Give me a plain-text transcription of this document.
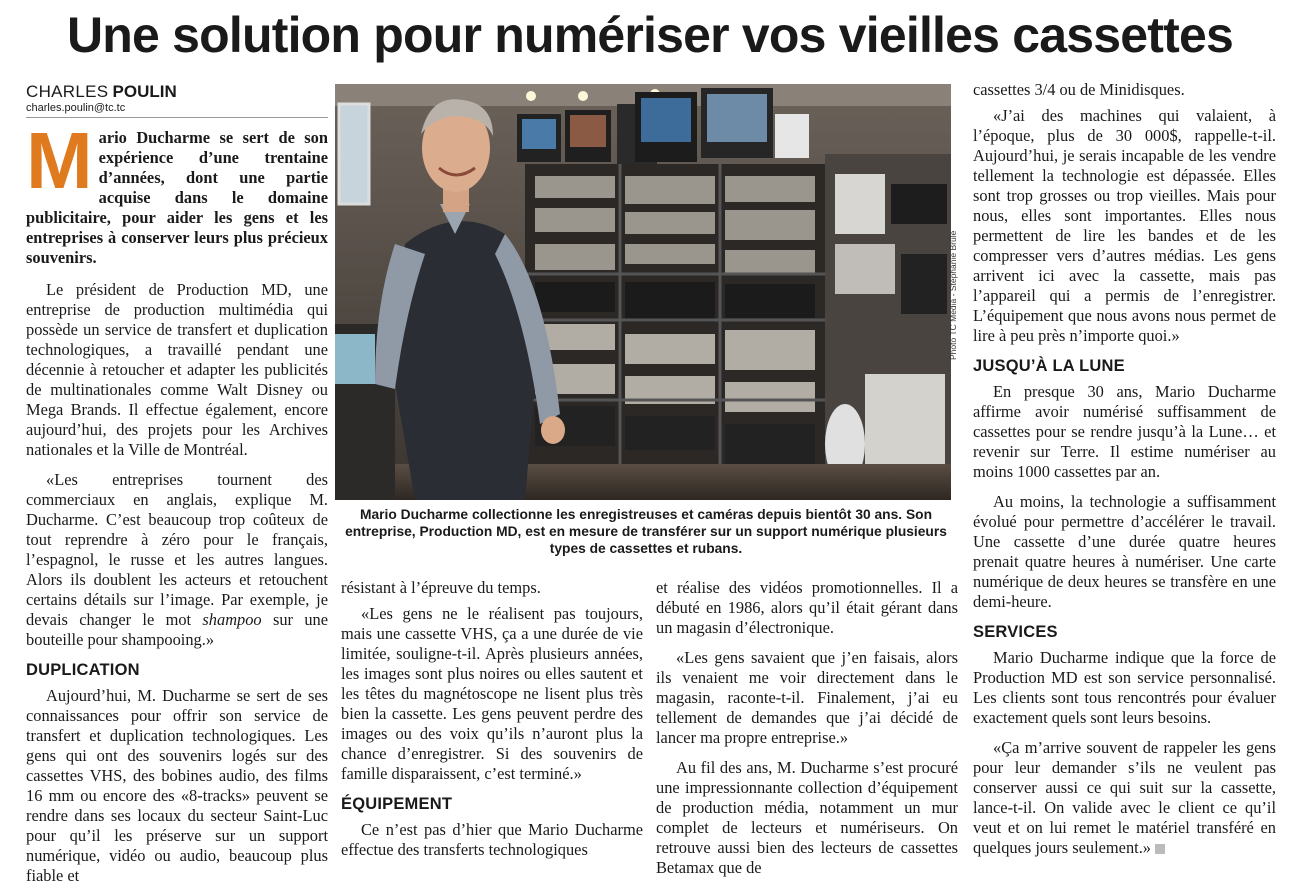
Une solution pour numériser vos vieilles cassettes
CHARLES POULIN
charles.poulin@tc.tc
Mario Ducharme se sert de son expérience d’une trentaine d’années, dont une partie acquise dans le domaine publicitaire, pour aider les gens et les entreprises à conserver leurs plus précieux souvenirs.

Le président de Production MD, une entreprise de production multimédia qui possède un service de transfert et duplication technologiques, a travaillé pendant une décennie à retoucher et adapter les publicités de multinationales comme Walt Disney ou Mega Brands. Il effectue également, encore aujourd’hui, des projets pour les Archives nationales et la Ville de Montréal.

«Les entreprises tournent des commerciaux en anglais, explique M. Ducharme. C’est beaucoup trop coûteux de tout reprendre à zéro pour le français, l’espagnol, le russe et les autres langues. Alors ils doublent les acteurs et retouchent certains détails sur l’image. Par exemple, je devais changer le mot shampoo sur une bouteille pour shampooing.»

DUPLICATION

Aujourd’hui, M. Ducharme se sert de ses connaissances pour offrir son service de transfert et duplication technologiques. Les gens qui ont des souvenirs logés sur des cassettes VHS, des bobines audio, des films 16 mm ou encore des «8-tracks» peuvent se rendre dans ses locaux du secteur Saint-Luc pour qu’il les préserve sur un support numérique, vidéo ou audio, beaucoup plus fiable et

Photo TC Media - Stéphanie Brûlé
Mario Ducharme collectionne les enregistreuses et caméras depuis bientôt 30 ans. Son entreprise, Production MD, est en mesure de transférer sur un support numérique plusieurs types de cassettes et rubans.

résistant à l’épreuve du temps.

«Les gens ne le réalisent pas toujours, mais une cassette VHS, ça a une durée de vie limitée, souligne-t-il. Après plusieurs années, les images sont plus noires ou elles sautent et les têtes du magnétoscope ne lisent plus très bien la cassette. Les gens peuvent perdre des images ou des voix qu’ils n’auront plus la chance d’enregistrer. Si des souvenirs de famille disparaissent, c’est terminé.»

ÉQUIPEMENT

Ce n’est pas d’hier que Mario Ducharme effectue des transferts technologiques

et réalise des vidéos promotionnelles. Il a débuté en 1986, alors qu’il était gérant dans un magasin d’électronique.

«Les gens savaient que j’en faisais, alors ils venaient me voir directement dans le magasin, raconte-t-il. Finalement, j’ai eu tellement de demandes que j’ai décidé de lancer ma propre entreprise.»

Au fil des ans, M. Ducharme s’est procuré une impressionnante collection d’équipement de production média, notamment un mur complet de lecteurs et numériseurs. On retrouve aussi bien des lecteurs de cassettes Betamax que de

cassettes 3/4 ou de Minidisques.

«J’ai des machines qui valaient, à l’époque, plus de 30 000$, rappelle-t-il. Aujourd’hui, je serais incapable de les vendre tellement la technologie est dépassée. Elles sont trop grosses ou trop vieilles. Mais pour nous, elles sont importantes. Elles nous permettent de lire les bandes et de les compresser vers d’autres médias. Les gens arrivent ici avec la cassette, mais pas l’appareil qui a permis de l’enregistrer. L’équipement que nous avons nous permet de lire à peu près n’importe quoi.»

JUSQU’À LA LUNE

En presque 30 ans, Mario Ducharme affirme avoir numérisé suffisamment de cassettes pour se rendre jusqu’à la Lune… et revenir sur Terre. Il estime numériser au moins 1000 cassettes par an.

Au moins, la technologie a suffisamment évolué pour permettre d’accélérer le travail. Une cassette d’une durée quatre heures prenait quatre heures à numériser. Une carte numérique de deux heures se transfère en une demi-heure.

SERVICES

Mario Ducharme indique que la force de Production MD est son service personnalisé. Les clients sont tous rencontrés pour évaluer exactement quels sont leurs besoins.

«Ça m’arrive souvent de rappeler les gens pour leur demander s’ils ne veulent pas conserver aussi ce qui suit sur la cassette, lance-t-il. On valide avec le client ce qu’il veut et on lui remet le matériel transféré en quelques jours seulement.»
